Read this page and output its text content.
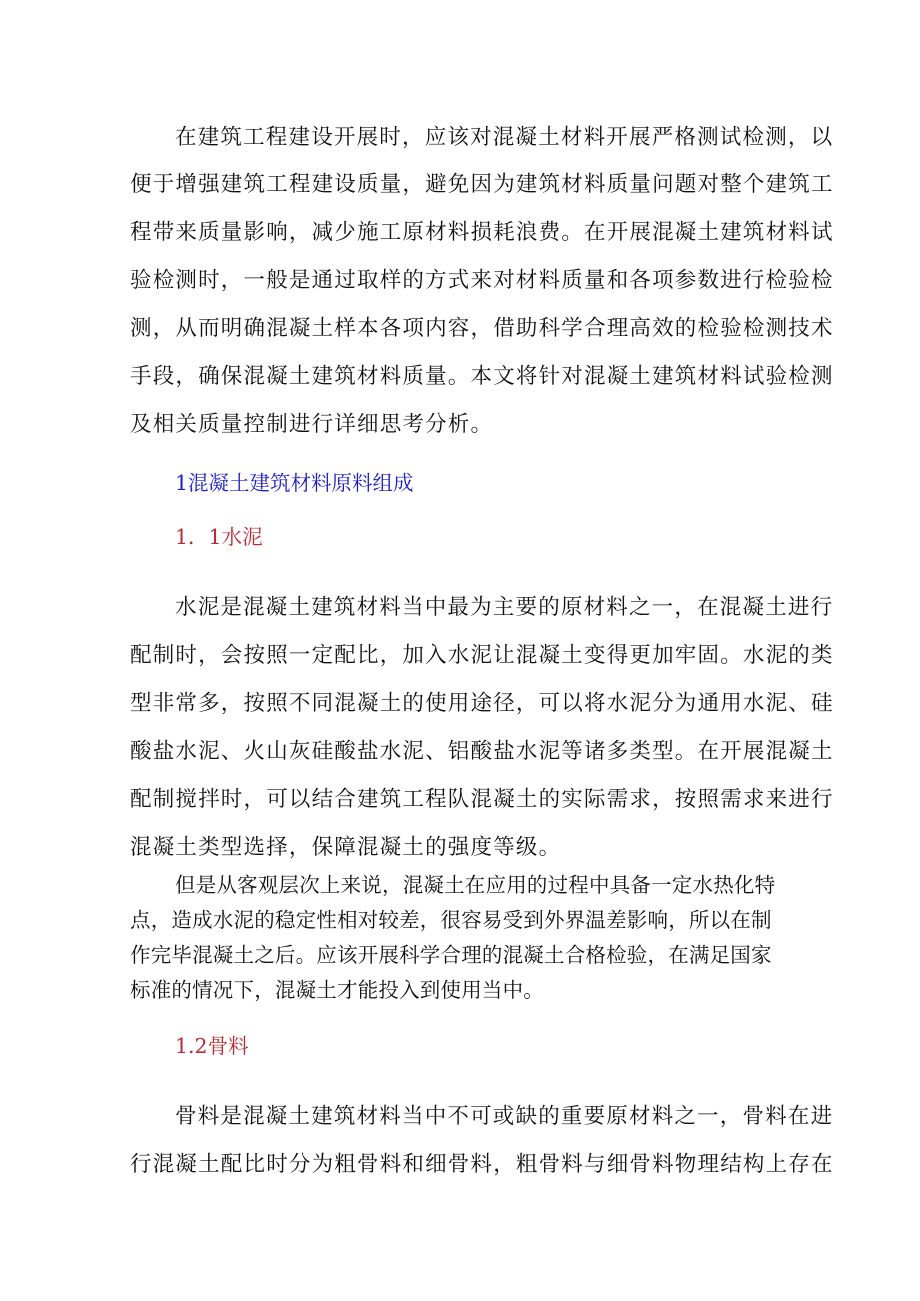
在建筑工程建设开展时，应该对混凝土材料开展严格测试检测，以
便于增强建筑工程建设质量，避免因为建筑材料质量问题对整个建筑工
程带来质量影响，减少施工原材料损耗浪费。在开展混凝土建筑材料试
验检测时，一般是通过取样的方式来对材料质量和各项参数进行检验检
测，从而明确混凝土样本各项内容，借助科学合理高效的检验检测技术
手段，确保混凝土建筑材料质量。本文将针对混凝土建筑材料试验检测
及相关质量控制进行详细思考分析。
1混凝土建筑材料原料组成
1．1水泥
水泥是混凝土建筑材料当中最为主要的原材料之一，在混凝土进行
配制时，会按照一定配比，加入水泥让混凝土变得更加牢固。水泥的类
型非常多，按照不同混凝土的使用途径，可以将水泥分为通用水泥、硅
酸盐水泥、火山灰硅酸盐水泥、铝酸盐水泥等诸多类型。在开展混凝土
配制搅拌时，可以结合建筑工程队混凝土的实际需求，按照需求来进行
混凝土类型选择，保障混凝土的强度等级。
但是从客观层次上来说，混凝土在应用的过程中具备一定水热化特
点，造成水泥的稳定性相对较差，很容易受到外界温差影响，所以在制
作完毕混凝土之后。应该开展科学合理的混凝土合格检验，在满足国家
标准的情况下，混凝土才能投入到使用当中。
1.2骨料
骨料是混凝土建筑材料当中不可或缺的重要原材料之一，骨料在进
行混凝土配比时分为粗骨料和细骨料，粗骨料与细骨料物理结构上存在
